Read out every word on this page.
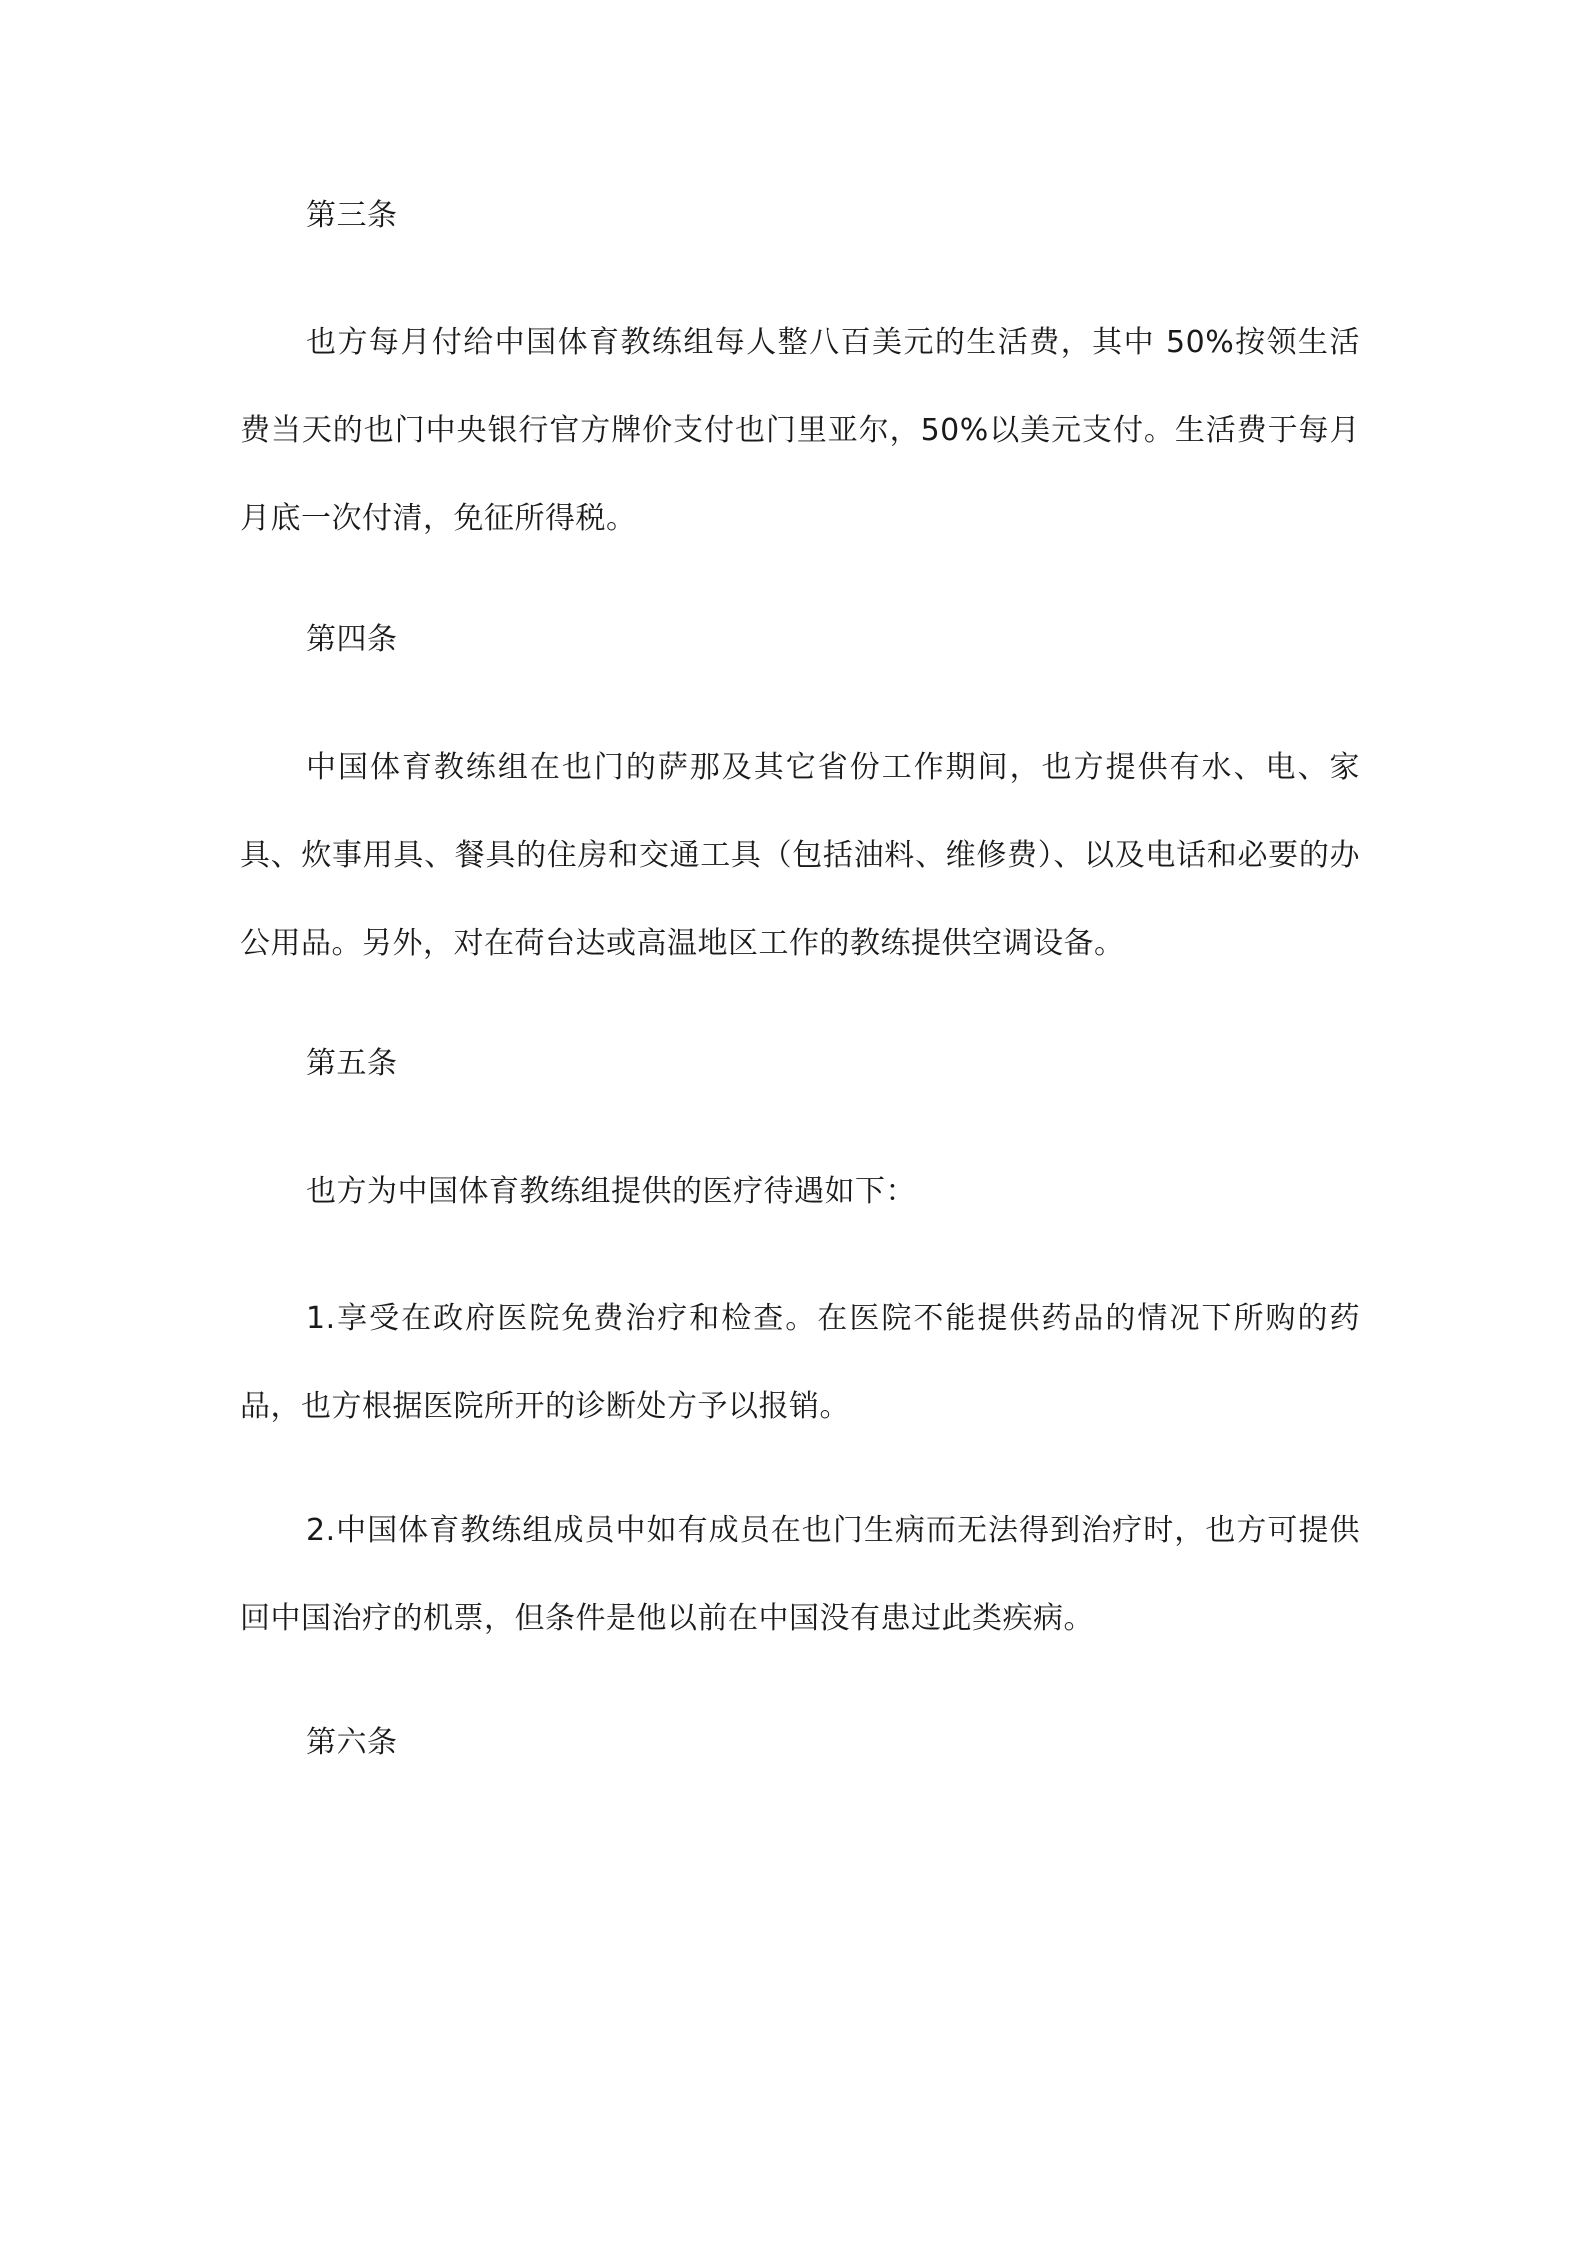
第三条
也方每月付给中国体育教练组每人整八百美元的生活费，其中 50%按领生活费当天的也门中央银行官方牌价支付也门里亚尔，50%以美元支付。生活费于每月月底一次付清，免征所得税。
第四条
中国体育教练组在也门的萨那及其它省份工作期间，也方提供有水、电、家具、炊事用具、餐具的住房和交通工具（包括油料、维修费）、以及电话和必要的办公用品。另外，对在荷台达或高温地区工作的教练提供空调设备。
第五条
也方为中国体育教练组提供的医疗待遇如下：
1.享受在政府医院免费治疗和检查。在医院不能提供药品的情况下所购的药品，也方根据医院所开的诊断处方予以报销。
2.中国体育教练组成员中如有成员在也门生病而无法得到治疗时，也方可提供回中国治疗的机票，但条件是他以前在中国没有患过此类疾病。
第六条
